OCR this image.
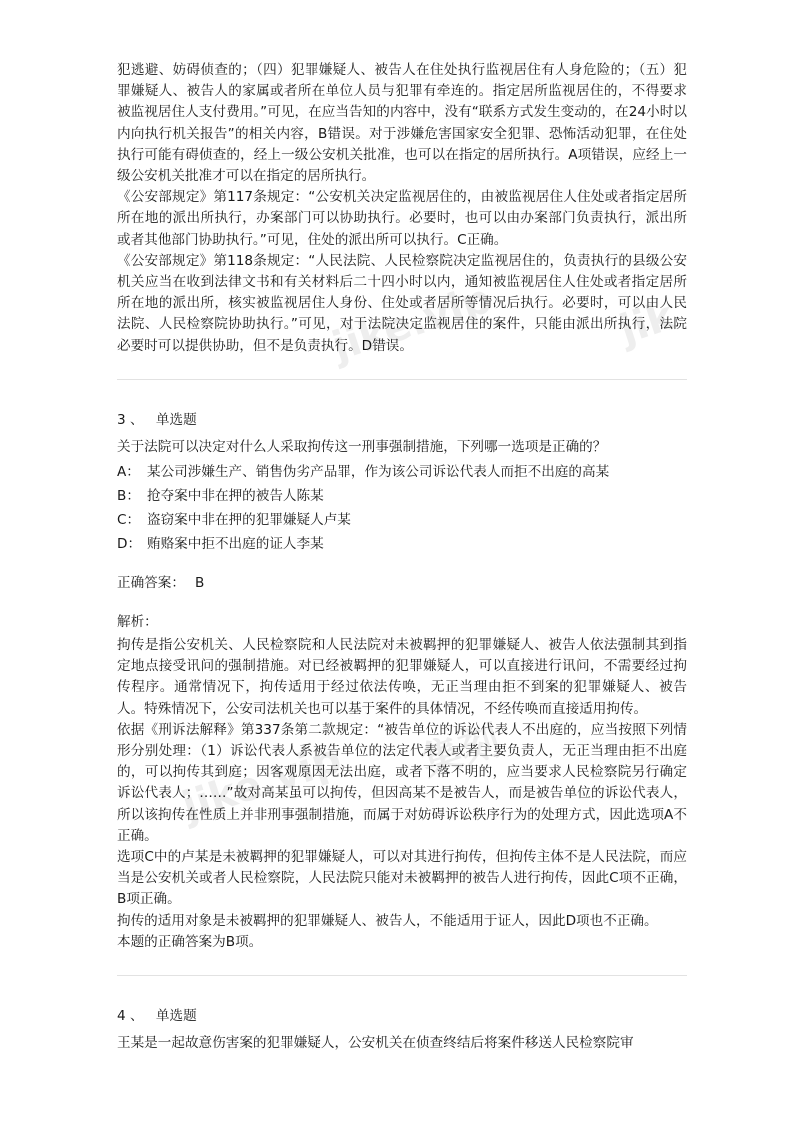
jike.vip	jik
集刻
jike.vip

犯逃避、妨碍侦查的；（四）犯罪嫌疑人、被告人在住处执行监视居住有人身危险的；（五）犯罪嫌疑人、被告人的家属或者所在单位人员与犯罪有牵连的。指定居所监视居住的，不得要求被监视居住人支付费用。”可见，在应当告知的内容中，没有“联系方式发生变动的，在24小时以内向执行机关报告”的相关内容，B错误。对于涉嫌危害国家安全犯罪、恐怖活动犯罪，在住处执行可能有碍侦查的，经上一级公安机关批准，也可以在指定的居所执行。A项错误，应经上一级公安机关批准才可以在指定的居所执行。

《公安部规定》第117条规定：“公安机关决定监视居住的，由被监视居住人住处或者指定居所所在地的派出所执行，办案部门可以协助执行。必要时，也可以由办案部门负责执行，派出所或者其他部门协助执行。”可见，住处的派出所可以执行。C正确。

《公安部规定》第118条规定：“人民法院、人民检察院决定监视居住的，负责执行的县级公安机关应当在收到法律文书和有关材料后二十四小时以内，通知被监视居住人住处或者指定居所所在地的派出所，核实被监视居住人身份、住处或者居所等情况后执行。必要时，可以由人民法院、人民检察院协助执行。”可见，对于法院决定监视居住的案件，只能由派出所执行，法院必要时可以提供协助，但不是负责执行。D错误。

3 、 单选题

关于法院可以决定对什么人采取拘传这一刑事强制措施，下列哪一选项是正确的？

A： 某公司涉嫌生产、销售伪劣产品罪，作为该公司诉讼代表人而拒不出庭的高某
B： 抢夺案中非在押的被告人陈某
C： 盗窃案中非在押的犯罪嫌疑人卢某
D： 贿赂案中拒不出庭的证人李某
正确答案： B
解析：

拘传是指公安机关、人民检察院和人民法院对未被羁押的犯罪嫌疑人、被告人依法强制其到指定地点接受讯问的强制措施。对已经被羁押的犯罪嫌疑人，可以直接进行讯问，不需要经过拘传程序。通常情况下，拘传适用于经过依法传唤，无正当理由拒不到案的犯罪嫌疑人、被告人。特殊情况下，公安司法机关也可以基于案件的具体情况，不经传唤而直接适用拘传。

依据《刑诉法解释》第337条第二款规定：“被告单位的诉讼代表人不出庭的，应当按照下列情形分别处理：（1）诉讼代表人系被告单位的法定代表人或者主要负责人，无正当理由拒不出庭的，可以拘传其到庭；因客观原因无法出庭，或者下落不明的，应当要求人民检察院另行确定诉讼代表人；……”故对高某虽可以拘传，但因高某不是被告人，而是被告单位的诉讼代表人，所以该拘传在性质上并非刑事强制措施，而属于对妨碍诉讼秩序行为的处理方式，因此选项A不正确。

选项C中的卢某是未被羁押的犯罪嫌疑人，可以对其进行拘传，但拘传主体不是人民法院，而应当是公安机关或者人民检察院，人民法院只能对未被羁押的被告人进行拘传，因此C项不正确，B项正确。

拘传的适用对象是未被羁押的犯罪嫌疑人、被告人，不能适用于证人，因此D项也不正确。

本题的正确答案为B项。

4 、 单选题

王某是一起故意伤害案的犯罪嫌疑人，公安机关在侦查终结后将案件移送人民检察院审
